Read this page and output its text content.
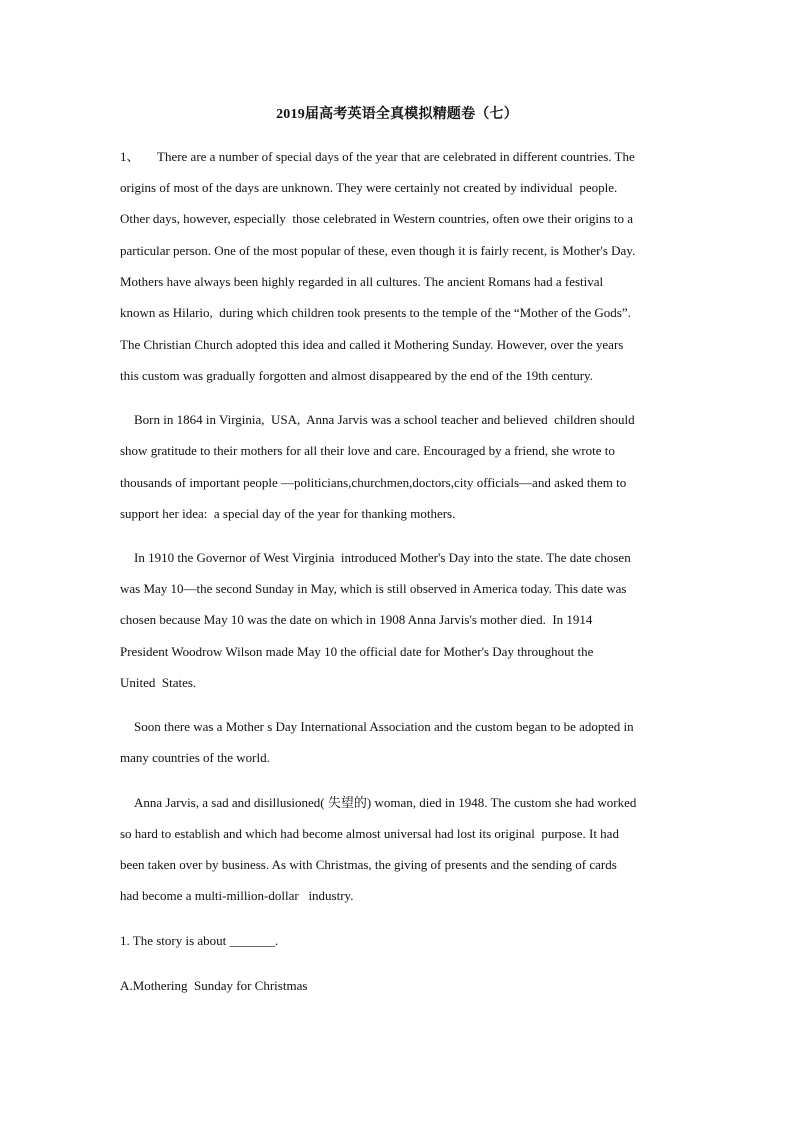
2019届高考英语全真模拟精题卷（七）
1、 There are a number of special days of the year that are celebrated in different countries. The
origins of most of the days are unknown. They were certainly not created by individual  people.
Other days, however, especially  those celebrated in Western countries, often owe their origins to a
particular person. One of the most popular of these, even though it is fairly recent, is Mother's Day.
Mothers have always been highly regarded in all cultures. The ancient Romans had a festival
known as Hilario,  during which children took presents to the temple of the “Mother of the Gods”.
The Christian Church adopted this idea and called it Mothering Sunday. However, over the years
this custom was gradually forgotten and almost disappeared by the end of the 19th century.
Born in 1864 in Virginia,  USA,  Anna Jarvis was a school teacher and believed  children should
show gratitude to their mothers for all their love and care. Encouraged by a friend, she wrote to
thousands of important people —politicians,churchmen,doctors,city officials—and asked them to
support her idea:  a special day of the year for thanking mothers.
In 1910 the Governor of West Virginia  introduced Mother's Day into the state. The date chosen
was May 10—the second Sunday in May, which is still observed in America today. This date was
chosen because May 10 was the date on which in 1908 Anna Jarvis's mother died.  In 1914
President Woodrow Wilson made May 10 the official date for Mother's Day throughout the
United  States.
Soon there was a Mother s Day International Association and the custom began to be adopted in
many countries of the world.
Anna Jarvis, a sad and disillusioned( 失望的) woman, died in 1948. The custom she had worked
so hard to establish and which had become almost universal had lost its original  purpose. It had
been taken over by business. As with Christmas, the giving of presents and the sending of cards
had become a multi-million-dollar   industry.
1. The story is about _______.
A.Mothering  Sunday for Christmas
